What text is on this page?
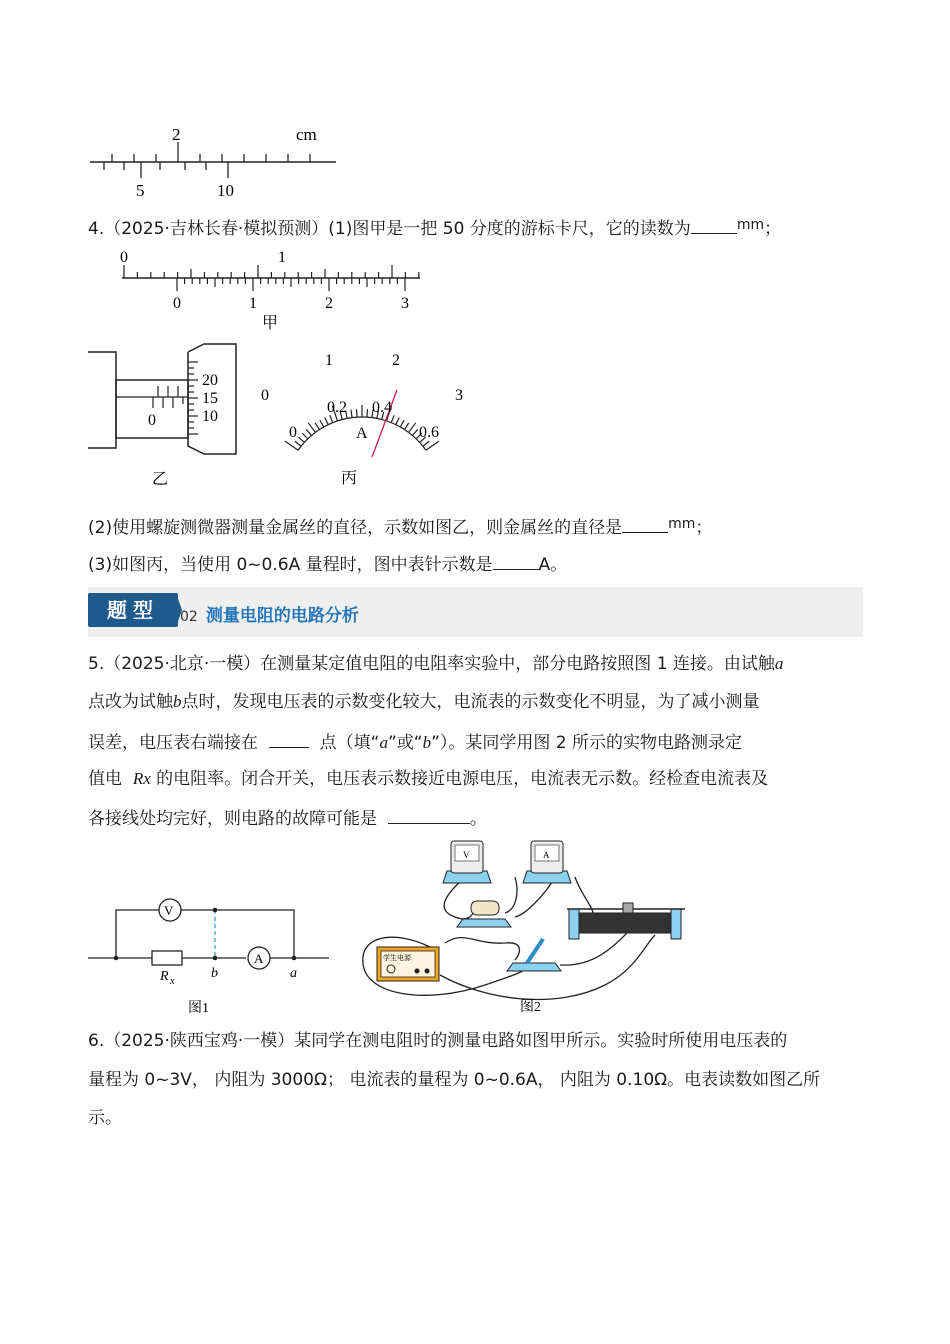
2	cm
5	10
4.（2025·吉林长春·模拟预测）(1)图甲是一把 50 分度的游标卡尺，它的读数为	$^{mm}$；
0	1
0	1	2	3
甲
20
15
10
0
乙
0
1	2
3
0
0.2 0.4
0.6
A
丙
(2)使用螺旋测微器测量金属丝的直径，示数如图乙，则金属丝的直径是	$^{mm}$；
(3)如图丙，当使用 0~0.6A 量程时，图中表针示数是	A。
题型	02 测量电阻的电路分析
5.（2025·北京·一模）在测量某定值电阻的电阻率实验中，部分电路按照图 1 连接。由试触a
点改为试触b点时，发现电压表的示数变化较大，电流表的示数变化不明显，为了减小测量
误差，电压表右端接在	点（填“a”或“b”）。某同学用图 2 所示的实物电路测录定
值电 Rx 的电阻率。闭合开关，电压表示数接近电源电压，电流表无示数。经检查电流表及
各接线处均完好，则电路的故障可能是	。
V
A
R x
b	a
图1
V	A
学生电源
图2
6.（2025·陕西宝鸡·一模）某同学在测电阻时的测量电路如图甲所示。实验时所使用电压表的
量程为 0~3V， 内阻为 3000Ω； 电流表的量程为 0~0.6A， 内阻为 0.10Ω。电表读数如图乙所
示。
